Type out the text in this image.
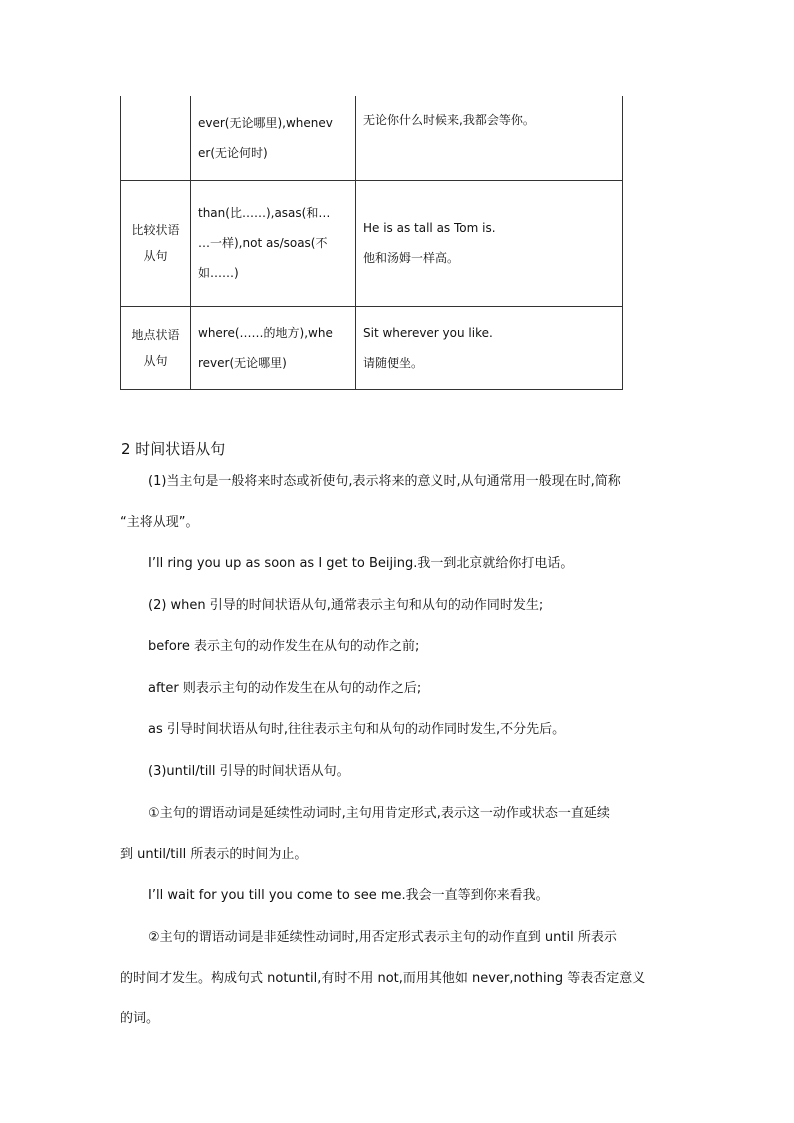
	ever(无论哪里),whenev
er(无论何时)	无论你什么时候来,我都会等你。

比较状语
从句	than(比……),asas(和…
…一样),not as/soas(不
如……)	He is as tall as Tom is.
他和汤姆一样高。

地点状语
从句	where(……的地方),whe
rever(无论哪里)	Sit wherever you like.
请随便坐。
2 时间状语从句
(1)当主句是一般将来时态或祈使句,表示将来的意义时,从句通常用一般现在时,简称
“主将从现”。
I’ll ring you up as soon as I get to Beijing.我一到北京就给你打电话。
(2) when 引导的时间状语从句,通常表示主句和从句的动作同时发生;
before 表示主句的动作发生在从句的动作之前;
after 则表示主句的动作发生在从句的动作之后;
as 引导时间状语从句时,往往表示主句和从句的动作同时发生,不分先后。
(3)until/till 引导的时间状语从句。
①主句的谓语动词是延续性动词时,主句用肯定形式,表示这一动作或状态一直延续
到 until/till 所表示的时间为止。
I’ll wait for you till you come to see me.我会一直等到你来看我。
②主句的谓语动词是非延续性动词时,用否定形式表示主句的动作直到 until 所表示
的时间才发生。构成句式 notuntil,有时不用 not,而用其他如 never,nothing 等表否定意义
的词。
